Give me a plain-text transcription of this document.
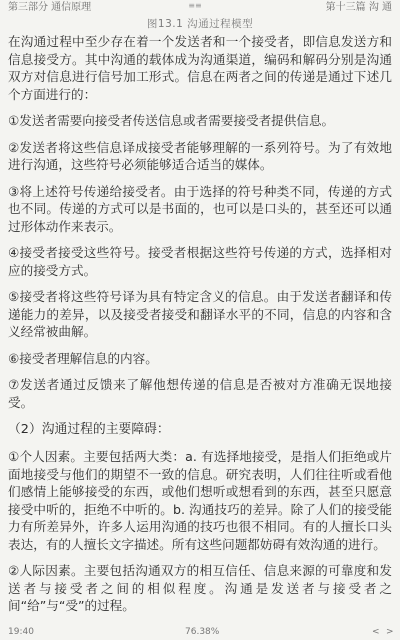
第三部分 通信原理	第十三篇 沟 通
≡≡

图13.1 沟通过程模型

在沟通过程中至少存在着一个发送者和一个接受者，即信息发送方和信息接受方。其中沟通的载体成为沟通渠道，编码和解码分别是沟通双方对信息进行信号加工形式。信息在两者之间的传递是通过下述几个方面进行的：

①发送者需要向接受者传送信息或者需要接受者提供信息。

②发送者将这些信息译成接受者能够理解的一系列符号。为了有效地进行沟通，这些符号必须能够适合适当的媒体。

③将上述符号传递给接受者。由于选择的符号种类不同，传递的方式也不同。传递的方式可以是书面的，也可以是口头的，甚至还可以通过形体动作来表示。

④接受者接受这些符号。接受者根据这些符号传递的方式，选择相对应的接受方式。

⑤接受者将这些符号译为具有特定含义的信息。由于发送者翻译和传递能力的差异，以及接受者接受和翻译水平的不同，信息的内容和含义经常被曲解。

⑥接受者理解信息的内容。

⑦发送者通过反馈来了解他想传递的信息是否被对方准确无误地接受。

（2）沟通过程的主要障碍：

①个人因素。主要包括两大类：a. 有选择地接受，是指人们拒绝或片面地接受与他们的期望不一致的信息。研究表明，人们往往听或看他们感情上能够接受的东西，或他们想听或想看到的东西，甚至只愿意接受中听的，拒绝不中听的。b. 沟通技巧的差异。除了人们的接受能力有所差异外，许多人运用沟通的技巧也很不相同。有的人擅长口头表达，有的人擅长文字描述。所有这些问题都妨碍有效沟通的进行。

②人际因素。主要包括沟通双方的相互信任、信息来源的可靠度和发送者与接受者之间的相似程度。沟通是发送者与接受者之间“给”与“受”的过程。

19:40	76.38%	< >
